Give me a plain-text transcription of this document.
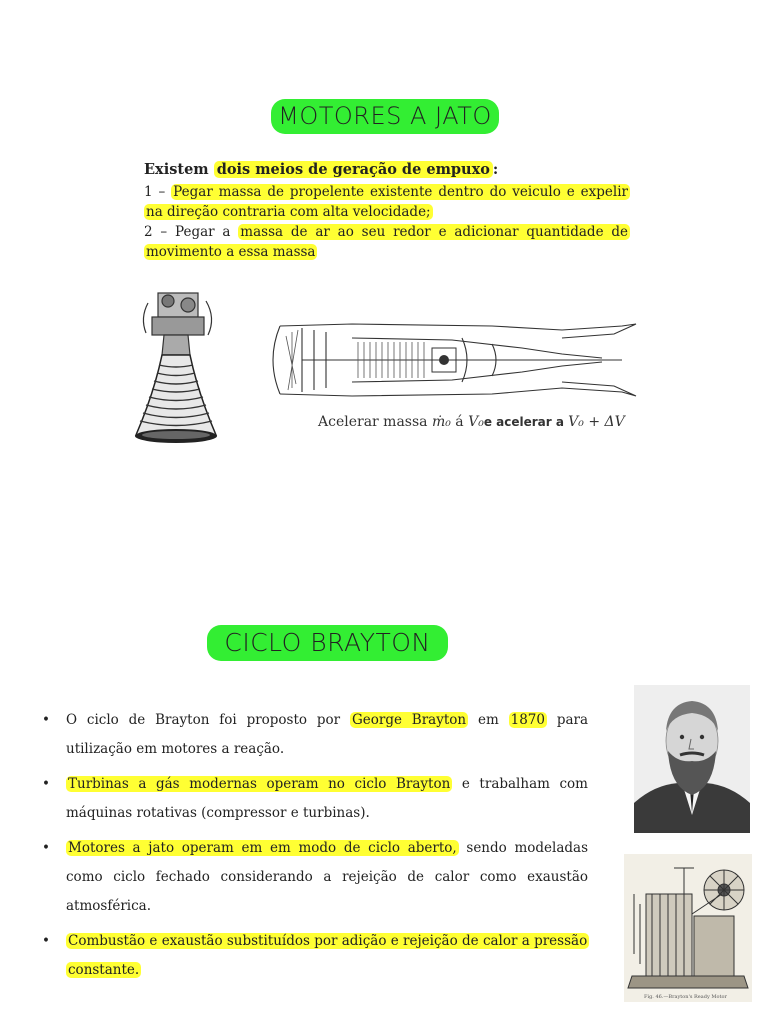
MOTORES A JATO
Existem dois meios de geração de empuxo :

1 – Pegar massa de propelente existente dentro do veiculo e expelir na direção contraria com alta velocidade;

2 – Pegar a massa de ar ao seu redor e adicionar quantidade de movimento a essa massa

Acelerar massa ṁ₀ á V₀e acelerar a V₀ + ΔV
CICLO BRAYTON
• O ciclo de Brayton foi proposto por George Brayton em 1870 para utilização em motores a reação.
• Turbinas a gás modernas operam no ciclo Brayton e trabalham com máquinas rotativas (compressor e turbinas).
• Motores a jato operam em em modo de ciclo aberto, sendo modeladas como ciclo fechado considerando a rejeição de calor como exaustão atmosférica.
• Combustão e exaustão substituídos por adição e rejeição de calor a pressão constante.
Fig. 46.—Brayton's Ready Motor
